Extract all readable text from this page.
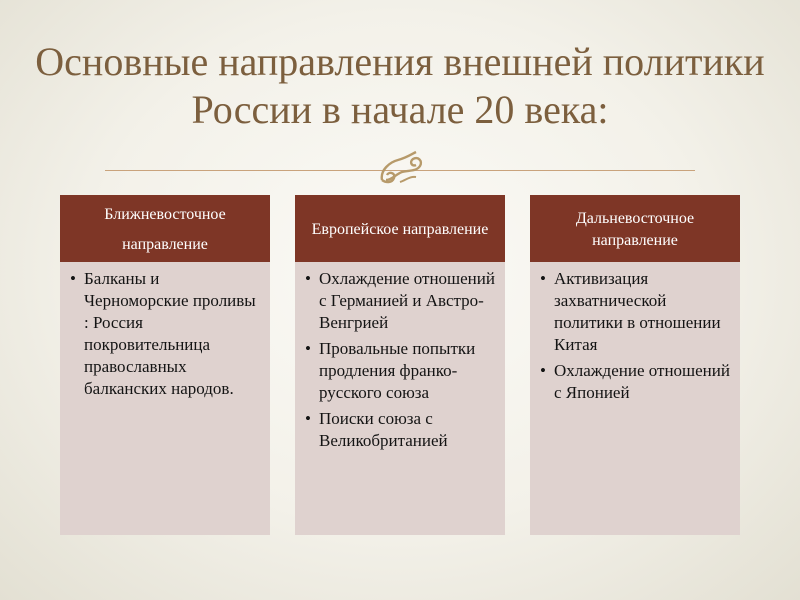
Основные направления внешней политики России в начале 20 века:
Ближневосточное направление
• Балканы и Черноморские проливы : Россия покровительница православных балканских народов.
Европейское направление
• Охлаждение отношений с Германией и Австро-Венгрией
• Провальные попытки продления франко-русского союза
• Поиски союза с Великобританией
Дальневосточное направление
• Активизация захватнической политики в отношении Китая
• Охлаждение отношений с Японией
